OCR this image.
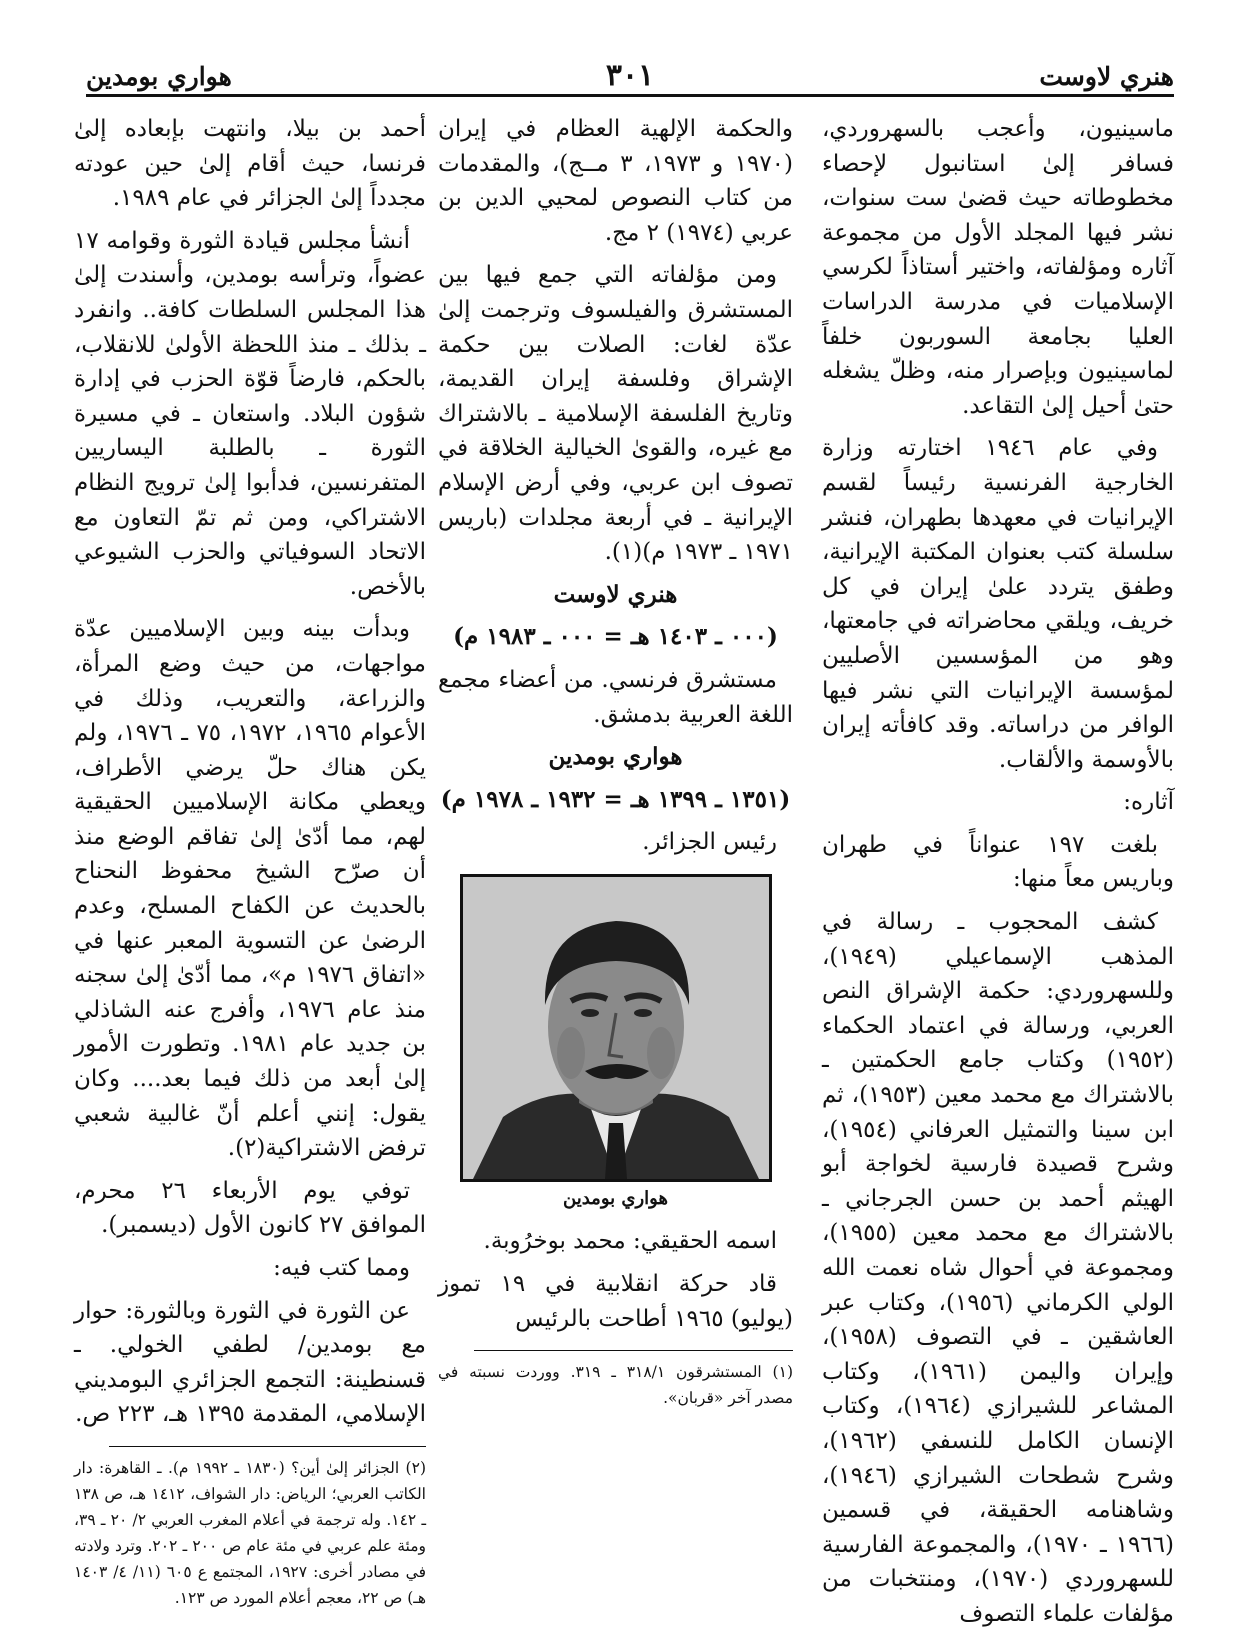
هنري لاوست
٣٠١
هواري بومدين

ماسينيون، وأعجب بالسهروردي، فسافر إلىٰ استانبول لإحصاء مخطوطاته حيث قضىٰ ست سنوات، نشر فيها المجلد الأول من مجموعة آثاره ومؤلفاته، واختير أستاذاً لكرسي الإسلاميات في مدرسة الدراسات العليا بجامعة السوربون خلفاً لماسينيون وبإصرار منه، وظلّ يشغله حتىٰ أحيل إلىٰ التقاعد.

وفي عام ١٩٤٦ اختارته وزارة الخارجية الفرنسية رئيساً لقسم الإيرانيات في معهدها بطهران، فنشر سلسلة كتب بعنوان المكتبة الإيرانية، وطفق يتردد علىٰ إيران في كل خريف، ويلقي محاضراته في جامعتها، وهو من المؤسسين الأصليين لمؤسسة الإيرانيات التي نشر فيها الوافر من دراساته. وقد كافأته إيران بالأوسمة والألقاب.

آثاره:

بلغت ١٩٧ عنواناً في طهران وباريس معاً منها:

كشف المحجوب ـ رسالة في المذهب الإسماعيلي (١٩٤٩)، وللسهروردي: حكمة الإشراق النص العربي، ورسالة في اعتماد الحكماء (١٩٥٢) وكتاب جامع الحكمتين ـ بالاشتراك مع محمد معين (١٩٥٣)، ثم ابن سينا والتمثيل العرفاني (١٩٥٤)، وشرح قصيدة فارسية لخواجة أبو الهيثم أحمد بن حسن الجرجاني ـ بالاشتراك مع محمد معين (١٩٥٥)، ومجموعة في أحوال شاه نعمت الله الولي الكرماني (١٩٥٦)، وكتاب عبر العاشقين ـ في التصوف (١٩٥٨)، وإيران واليمن (١٩٦١)، وكتاب المشاعر للشيرازي (١٩٦٤)، وكتاب الإنسان الكامل للنسفي (١٩٦٢)، وشرح شطحات الشيرازي (١٩٤٦)، وشاهنامه الحقيقة، في قسمين (١٩٦٦ ـ ١٩٧٠)، والمجموعة الفارسية للسهروردي (١٩٧٠)، ومنتخبات من مؤلفات علماء التصوف

والحكمة الإلهية العظام في إيران (١٩٧٠ و ١٩٧٣، ٣ مــج)، والمقدمات من كتاب النصوص لمحيي الدين بن عربي (١٩٧٤) ٢ مج.

ومن مؤلفاته التي جمع فيها بين المستشرق والفيلسوف وترجمت إلىٰ عدّة لغات: الصلات بين حكمة الإشراق وفلسفة إيران القديمة، وتاريخ الفلسفة الإسلامية ـ بالاشتراك مع غيره، والقوىٰ الخيالية الخلاقة في تصوف ابن عربي، وفي أرض الإسلام الإيرانية ـ في أربعة مجلدات (باريس ١٩٧١ ـ ١٩٧٣ م)(١).

هنري لاوست

(٠٠٠ ـ ١٤٠٣ هـ = ٠٠٠ ـ ١٩٨٣ م)

مستشرق فرنسي. من أعضاء مجمع اللغة العربية بدمشق.

هواري بومدين

(١٣٥١ ـ ١٣٩٩ هـ = ١٩٣٢ ـ ١٩٧٨ م)

رئيس الجزائر.

هواري بومدين

اسمه الحقيقي: محمد بوخرُوبة.

قاد حركة انقلابية في ١٩ تموز (يوليو) ١٩٦٥ أطاحت بالرئيس

(١) المستشرقون ٣١٨/١ ـ ٣١٩. ووردت نسبته في مصدر آخر «قربان».

أحمد بن بيلا، وانتهت بإبعاده إلىٰ فرنسا، حيث أقام إلىٰ حين عودته مجدداً إلىٰ الجزائر في عام ١٩٨٩.

أنشأ مجلس قيادة الثورة وقوامه ١٧ عضواً، وترأسه بومدين، وأسندت إلىٰ هذا المجلس السلطات كافة.. وانفرد ـ بذلك ـ منذ اللحظة الأولىٰ للانقلاب، بالحكم، فارضاً قوّة الحزب في إدارة شؤون البلاد. واستعان ـ في مسيرة الثورة ـ بالطلبة اليساريين المتفرنسين، فدأبوا إلىٰ ترويج النظام الاشتراكي، ومن ثم تمّ التعاون مع الاتحاد السوفياتي والحزب الشيوعي بالأخص.

وبدأت بينه وبين الإسلاميين عدّة مواجهات، من حيث وضع المرأة، والزراعة، والتعريب، وذلك في الأعوام ١٩٦٥، ١٩٧٢، ٧٥ ـ ١٩٧٦، ولم يكن هناك حلّ يرضي الأطراف، ويعطي مكانة الإسلاميين الحقيقية لهم، مما أدّىٰ إلىٰ تفاقم الوضع منذ أن صرّح الشيخ محفوظ النحناح بالحديث عن الكفاح المسلح، وعدم الرضىٰ عن التسوية المعبر عنها في «اتفاق ١٩٧٦ م»، مما أدّىٰ إلىٰ سجنه منذ عام ١٩٧٦، وأفرج عنه الشاذلي بن جديد عام ١٩٨١. وتطورت الأمور إلىٰ أبعد من ذلك فيما بعد.... وكان يقول: إنني أعلم أنّ غالبية شعبي ترفض الاشتراكية(٢).

توفي يوم الأربعاء ٢٦ محرم، الموافق ٢٧ كانون الأول (ديسمبر).

ومما كتب فيه:

عن الثورة في الثورة وبالثورة: حوار مع بومدين/ لطفي الخولي. ـ قسنطينة: التجمع الجزائري البومديني الإسلامي، المقدمة ١٣٩٥ هـ، ٢٢٣ ص.

(٢) الجزائر إلىٰ أين؟ (١٨٣٠ ـ ١٩٩٢ م). ـ القاهرة: دار الكاتب العربي؛ الرياض: دار الشواف، ١٤١٢ هـ، ص ١٣٨ ـ ١٤٢. وله ترجمة في أعلام المغرب العربي ٢/ ٢٠ ـ ٣٩، ومئة علم عربي في مئة عام ص ٢٠٠ ـ ٢٠٢. وترد ولادته في مصادر أخرى: ١٩٢٧، المجتمع ع ٦٠٥ (١١/ ٤/ ١٤٠٣ هـ) ص ٢٢، معجم أعلام المورد ص ١٢٣.
